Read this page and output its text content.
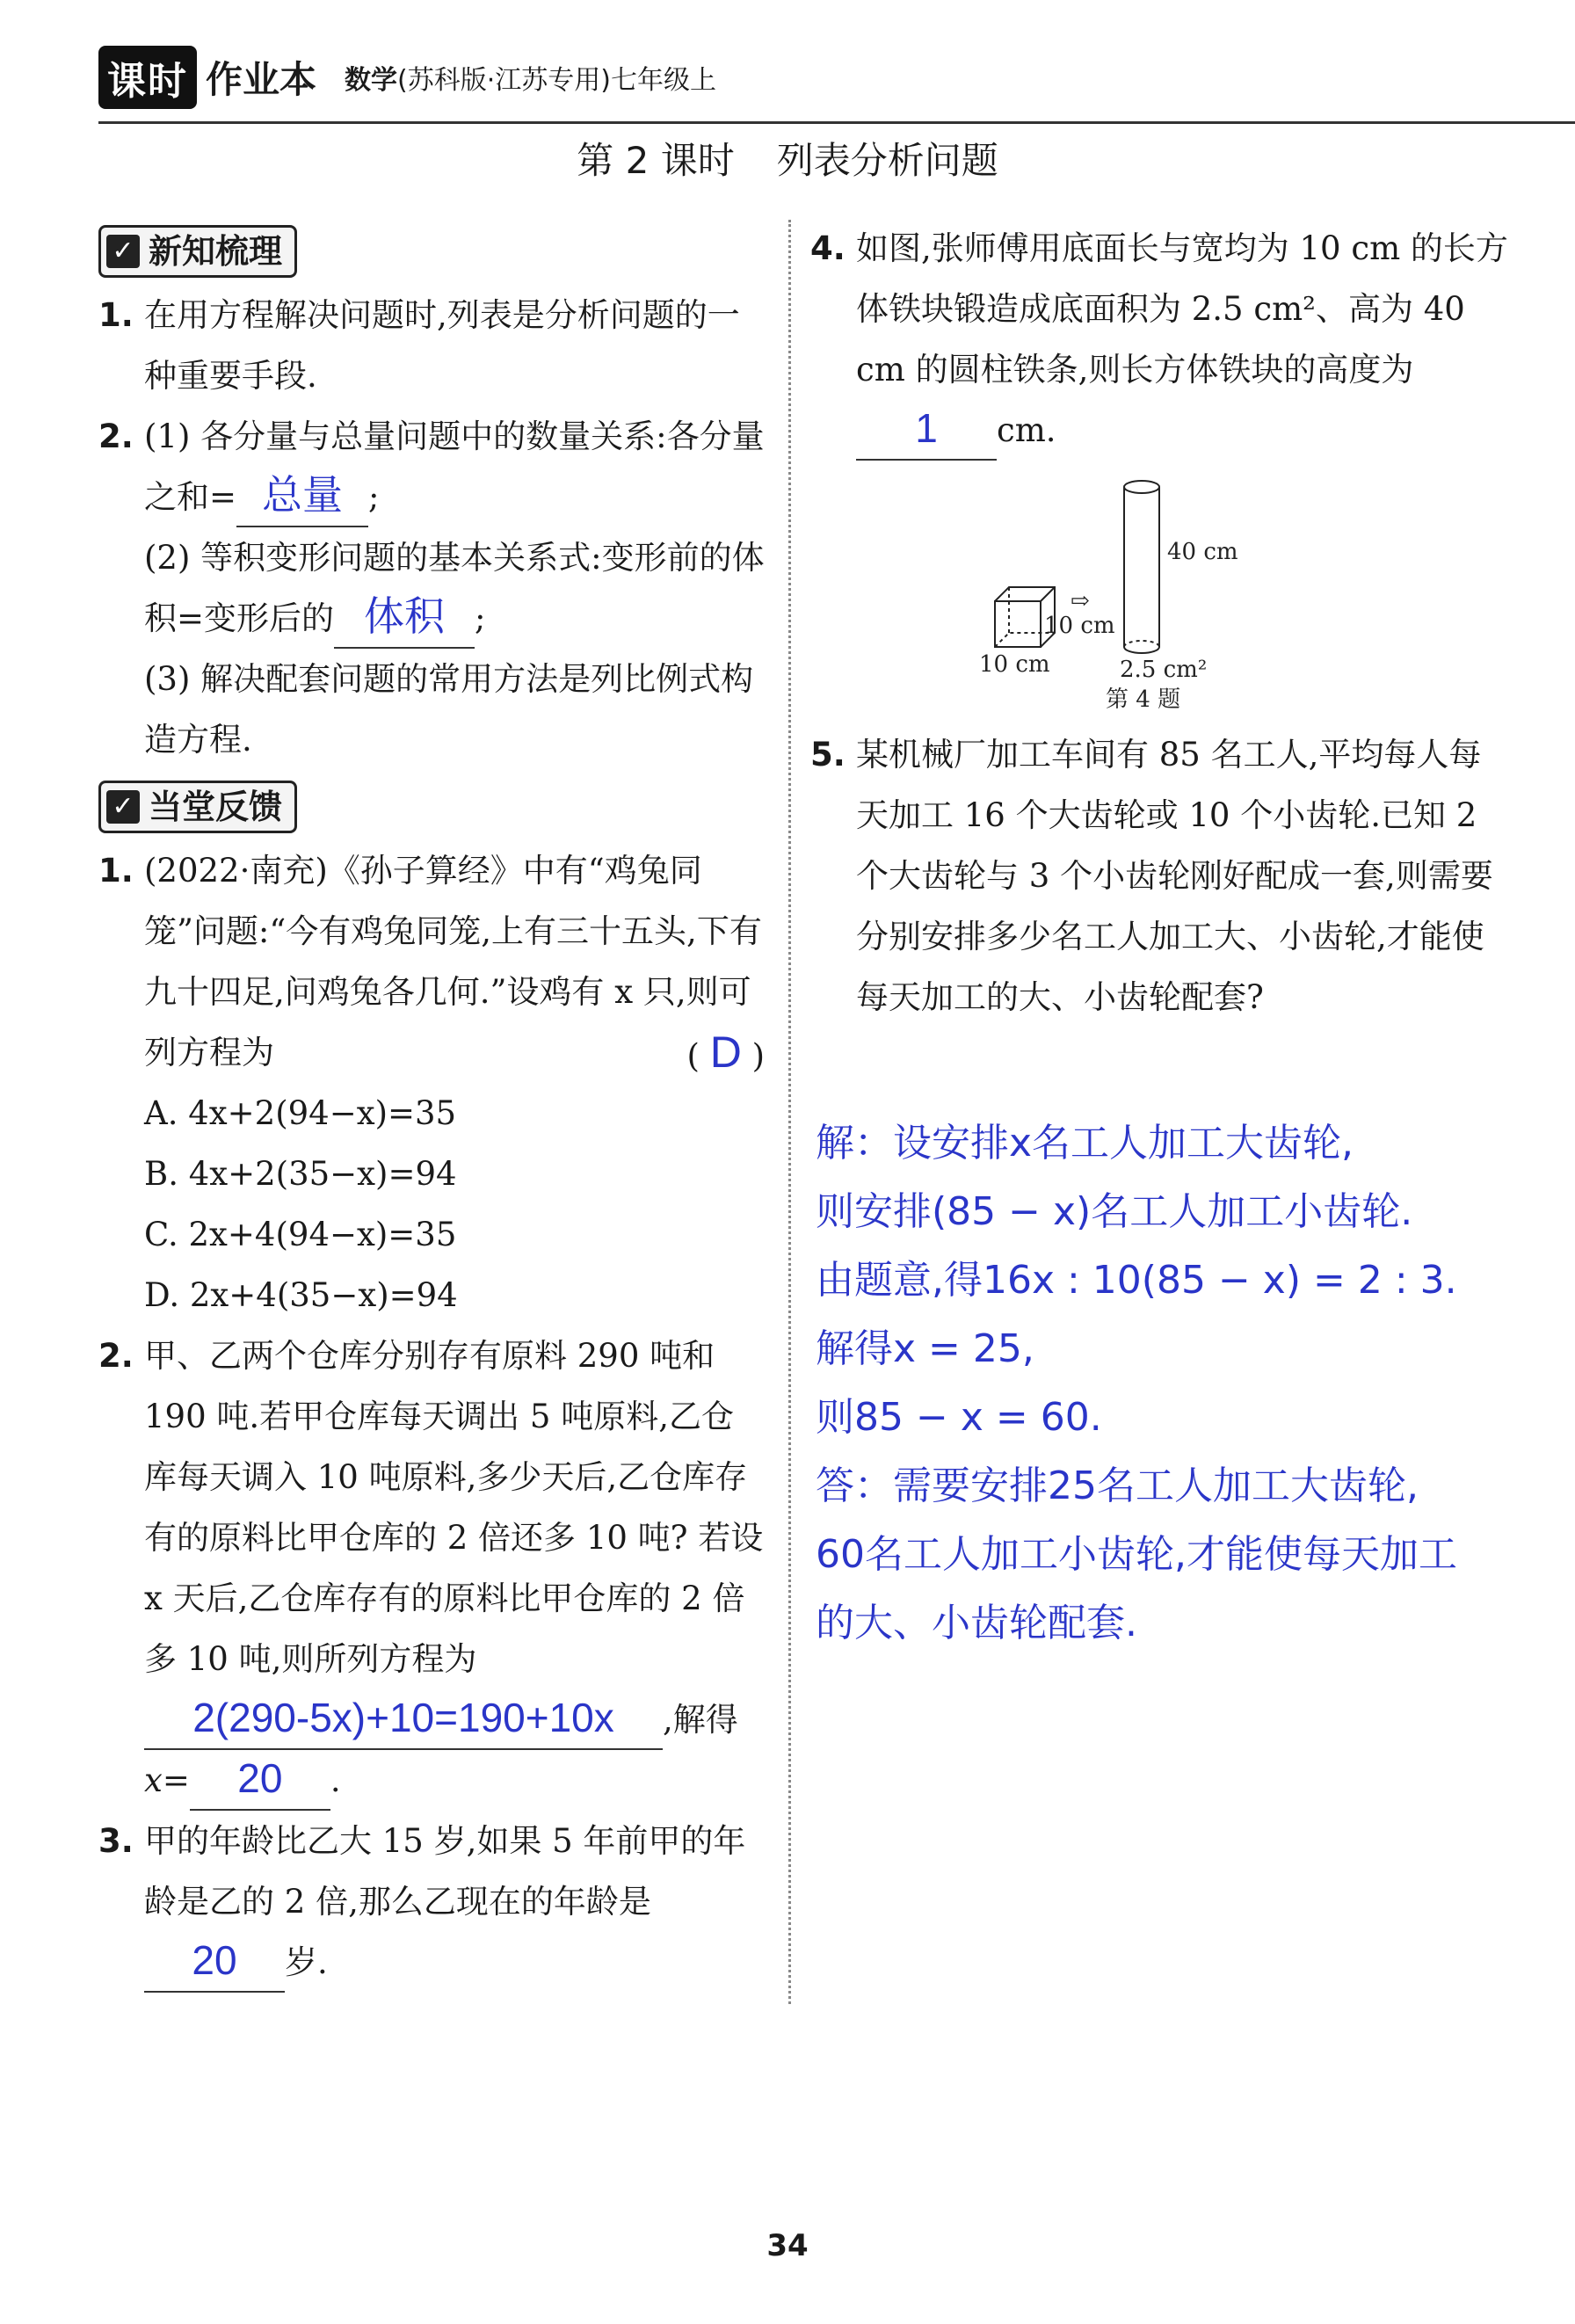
课时 作业本 数学(苏科版·江苏专用)七年级上
第 2 课时 列表分析问题
✓ 新知梳理
1. 在用方程解决问题时,列表是分析问题的一种重要手段.
2. (1) 各分量与总量问题中的数量关系:各分量之和= 总量 ;
(2) 等积变形问题的基本关系式:变形前的体积=变形后的 体积 ;
(3) 解决配套问题的常用方法是列比例式构造方程.
✓ 当堂反馈
1. (2022·南充)《孙子算经》中有“鸡兔同笼”问题:“今有鸡兔同笼,上有三十五头,下有九十四足,问鸡兔各几何.”设鸡有 x 只,则可列方程为	( D )
A. 4x+2(94−x)=35
B. 4x+2(35−x)=94
C. 2x+4(94−x)=35
D. 2x+4(35−x)=94
2. 甲、乙两个仓库分别存有原料 290 吨和 190 吨.若甲仓库每天调出 5 吨原料,乙仓库每天调入 10 吨原料,多少天后,乙仓库存有的原料比甲仓库的 2 倍还多 10 吨? 若设 x 天后,乙仓库存有的原料比甲仓库的 2 倍多 10 吨,则所列方程为

2(290-5x)+10=190+10x	,解得
x=	20	.
3. 甲的年龄比乙大 15 岁,如果 5 年前甲的年龄是乙的 2 倍,那么乙现在的年龄是

20	岁.
4. 如图,张师傅用底面长与宽均为 10 cm 的长方体铁块锻造成底面积为 2.5 cm²、高为 40 cm 的圆柱铁条,则长方体铁块的高度为
1	cm.
⇨
10 cm
10 cm
40 cm
2.5 cm²
第 4 题
5. 某机械厂加工车间有 85 名工人,平均每人每天加工 16 个大齿轮或 10 个小齿轮.已知 2 个大齿轮与 3 个小齿轮刚好配成一套,则需要分别安排多少名工人加工大、小齿轮,才能使每天加工的大、小齿轮配套?
解：设安排x名工人加工大齿轮,
则安排(85 − x)名工人加工小齿轮.
由题意,得16x : 10(85 − x) = 2 : 3.
解得x = 25,
则85 − x = 60.
答：需要安排25名工人加工大齿轮,
60名工人加工小齿轮,才能使每天加工
的大、小齿轮配套.
34
